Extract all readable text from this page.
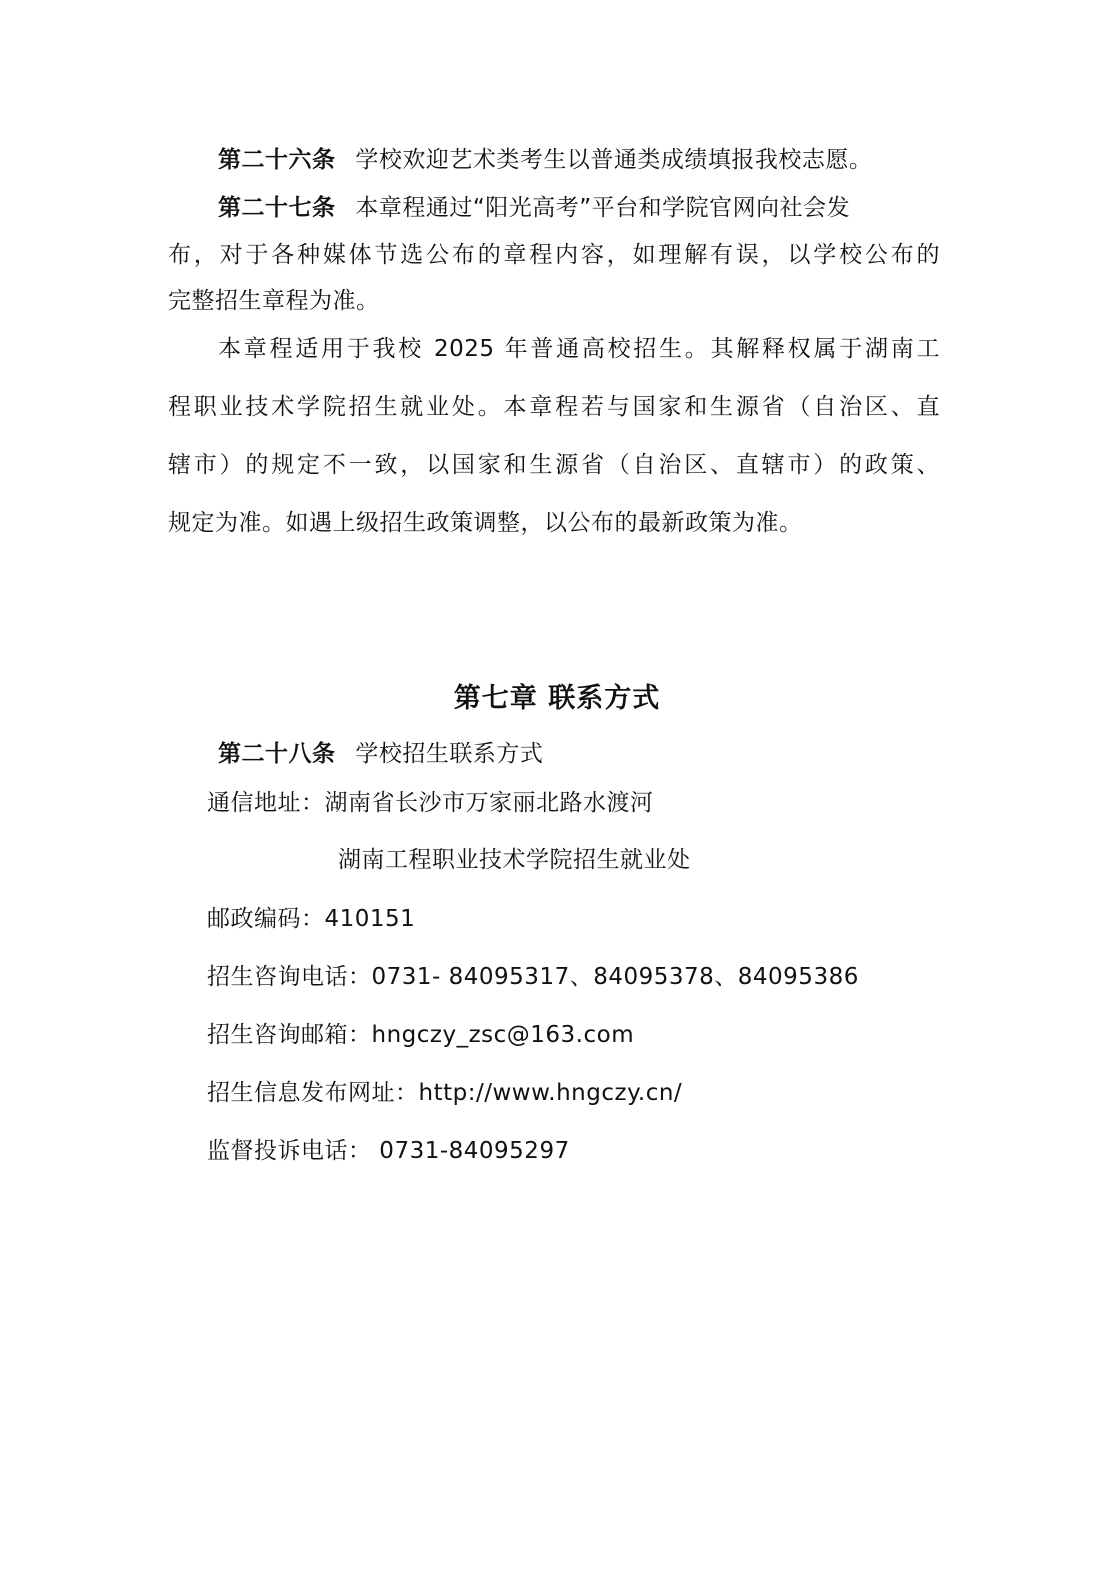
第二十六条 学校欢迎艺术类考生以普通类成绩填报我校志愿。
第二十七条 本章程通过“阳光高考”平台和学院官网向社会发
布，对于各种媒体节选公布的章程内容，如理解有误，以学校公布的
完整招生章程为准。
本章程适用于我校 2025 年普通高校招生。其解释权属于湖南工
程职业技术学院招生就业处。本章程若与国家和生源省（自治区、直
辖市）的规定不一致，以国家和生源省（自治区、直辖市）的政策、
规定为准。如遇上级招生政策调整，以公布的最新政策为准。
第七章 联系方式
第二十八条 学校招生联系方式
通信地址：湖南省长沙市万家丽北路水渡河
湖南工程职业技术学院招生就业处
邮政编码：410151
招生咨询电话：0731- 84095317、84095378、84095386
招生咨询邮箱：hngczy_zsc@163.com
招生信息发布网址：http://www.hngczy.cn/
监督投诉电话： 0731-84095297
